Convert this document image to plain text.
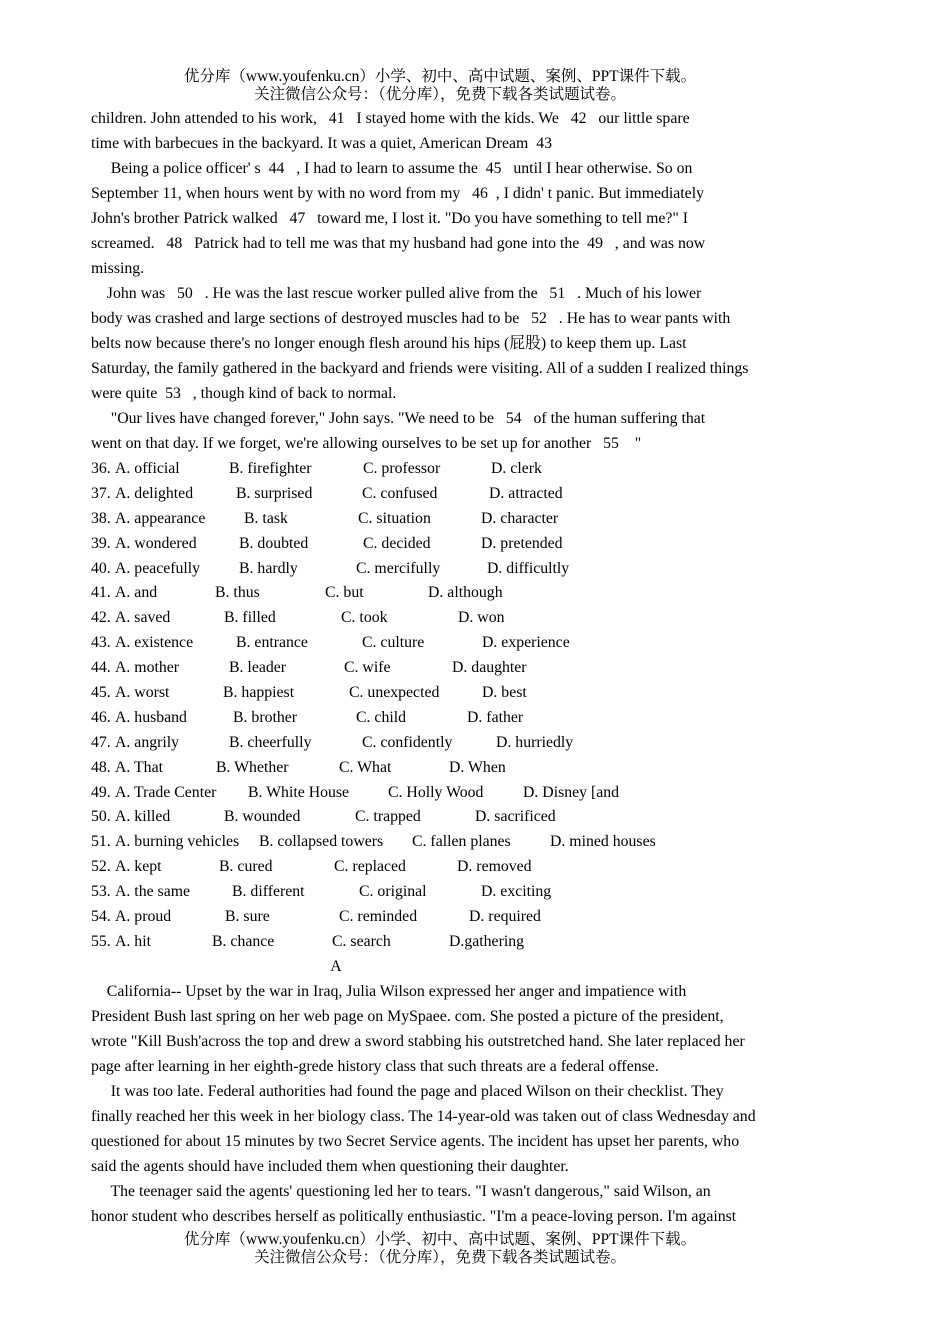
优分库（www.youfenku.cn）小学、初中、高中试题、案例、PPT课件下载。
关注微信公众号：（优分库），免费下载各类试题试卷。
children. John attended to his work,   41   I stayed home with the kids. We   42   our little spare
time with barbecues in the backyard. It was a quiet, American Dream  43
Being a police officer' s  44   , I had to learn to assume the  45   until I hear otherwise. So on
September 11, when hours went by with no word from my   46  , I didn' t panic. But immediately
John's brother Patrick walked   47   toward me, I lost it. "Do you have something to tell me?" I
screamed.   48   Patrick had to tell me was that my husband had gone into the  49   , and was now
missing.
John was   50   . He was the last rescue worker pulled alive from the   51   . Much of his lower
body was crashed and large sections of destroyed muscles had to be   52   . He has to wear pants with
belts now because there's no longer enough flesh around his hips (屁股) to keep them up. Last
Saturday, the family gathered in the backyard and friends were visiting. All of a sudden I realized things
were quite  53   , though kind of back to normal.
"Our lives have changed forever," John says. "We need to be   54   of the human suffering that
went on that day. If we forget, we're allowing ourselves to be set up for another   55    "
36. A. official	B. firefighter	C. professor	D. clerk
37. A. delighted	B. surprised	C. confused	D. attracted
38. A. appearance B. task	C. situation	D. character
39. A. wondered	B. doubted	C. decided	D. pretended
40. A. peacefully B. hardly	C. mercifully	D. difficultly
41. A. and	B. thus	C. but	D. although
42. A. saved	B. filled	C. took	D. won
43. A. existence	B. entrance	C. culture	D. experience
44. A. mother	B. leader	C. wife	D. daughter
45. A. worst	B. happiest	C. unexpected	D. best
46. A. husband	B. brother	C. child	D. father
47. A. angrily	B. cheerfully	C. confidently	D. hurriedly
48. A. That	B. Whether	C. What	D. When
49. A. Trade Center B. White House C. Holly Wood	D. Disney [and
50. A. killed	B. wounded	C. trapped	D. sacrificed
51. A. burning vehicles B. collapsed towers C. fallen planes D. mined houses
52. A. kept	B. cured	C. replaced	D. removed
53. A. the same	B. different	C. original	D. exciting
54. A. proud	B. sure	C. reminded	D. required
55. A. hit	B. chance	C. search	D.gathering
A
California-- Upset by the war in Iraq, Julia Wilson expressed her anger and impatience with
President Bush last spring on her web page on MySpaee. com. She posted a picture of the president,
wrote "Kill Bush'across the top and drew a sword stabbing his outstretched hand. She later replaced her
page after learning in her eighth-grede history class that such threats are a federal offense.
It was too late. Federal authorities had found the page and placed Wilson on their checklist. They
finally reached her this week in her biology class. The 14-year-old was taken out of class Wednesday and
questioned for about 15 minutes by two Secret Service agents. The incident has upset her parents, who
said the agents should have included them when questioning their daughter.
The teenager said the agents' questioning led her to tears. "I wasn't dangerous," said Wilson, an
honor student who describes herself as politically enthusiastic. "I'm a peace-loving person. I'm against
优分库（www.youfenku.cn）小学、初中、高中试题、案例、PPT课件下载。
关注微信公众号：（优分库），免费下载各类试题试卷。
